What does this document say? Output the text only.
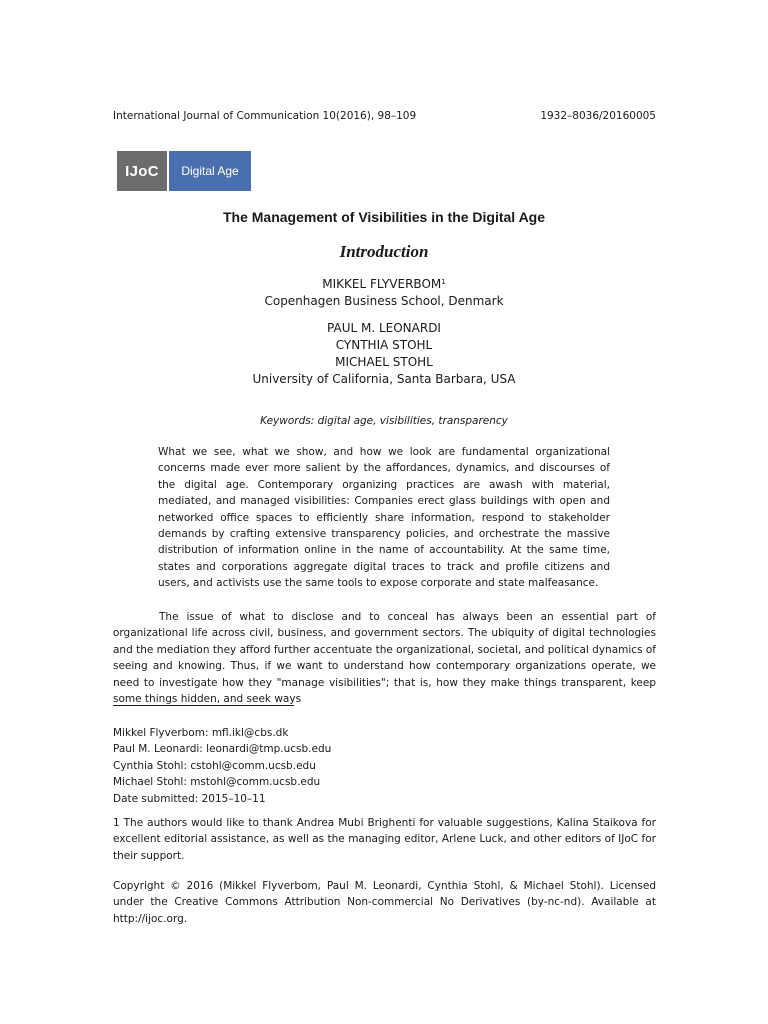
International Journal of Communication 10(2016), 98–109	1932–8036/20160005
IJoC	Digital Age
The Management of Visibilities in the Digital Age
Introduction

MIKKEL FLYVERBOM$^1$

Copenhagen Business School, Denmark

PAUL M. LEONARDI

CYNTHIA STOHL

MICHAEL STOHL

University of California, Santa Barbara, USA

Keywords: digital age, visibilities, transparency

What we see, what we show, and how we look are fundamental organizational concerns made ever more salient by the affordances, dynamics, and discourses of the digital age. Contemporary organizing practices are awash with material, mediated, and managed visibilities: Companies erect glass buildings with open and networked office spaces to efficiently share information, respond to stakeholder demands by crafting extensive transparency policies, and orchestrate the massive distribution of information online in the name of accountability. At the same time, states and corporations aggregate digital traces to track and profile citizens and users, and activists use the same tools to expose corporate and state malfeasance.

The issue of what to disclose and to conceal has always been an essential part of organizational life across civil, business, and government sectors. The ubiquity of digital technologies and the mediation they afford further accentuate the organizational, societal, and political dynamics of seeing and knowing. Thus, if we want to understand how contemporary organizations operate, we need to investigate how they "manage visibilities"; that is, how they make things transparent, keep some things hidden, and seek ways

Mikkel Flyverbom: mfl.ikl@cbs.dk
Paul M. Leonardi: leonardi@tmp.ucsb.edu
Cynthia Stohl: cstohl@comm.ucsb.edu
Michael Stohl: mstohl@comm.ucsb.edu
Date submitted: 2015–10–11

1 The authors would like to thank Andrea Mubi Brighenti for valuable suggestions, Kalina Staikova for excellent editorial assistance, as well as the managing editor, Arlene Luck, and other editors of IJoC for their support.

Copyright © 2016 (Mikkel Flyverbom, Paul M. Leonardi, Cynthia Stohl, & Michael Stohl). Licensed under the Creative Commons Attribution Non-commercial No Derivatives (by-nc-nd). Available at http://ijoc.org.
